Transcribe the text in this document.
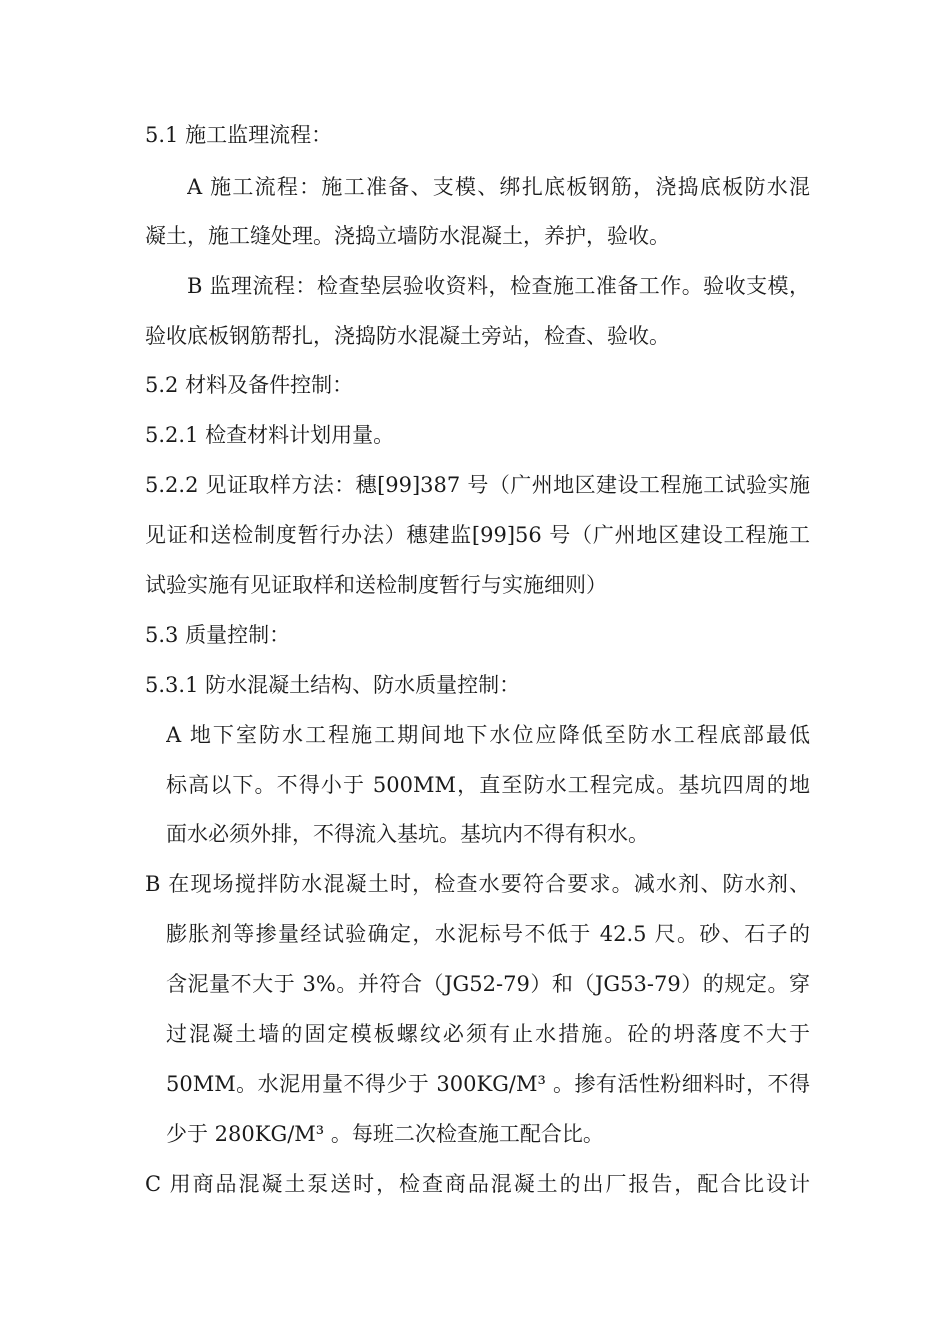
5.1 施工监理流程：
A 施工流程：施工准备、支模、绑扎底板钢筋，浇捣底板防水混
凝土，施工缝处理。浇捣立墙防水混凝土，养护，验收。
B 监理流程：检查垫层验收资料，检查施工准备工作。验收支模，
验收底板钢筋帮扎，浇捣防水混凝土旁站，检查、验收。
5.2 材料及备件控制：
5.2.1 检查材料计划用量。
5.2.2 见证取样方法：穗[99]387 号（广州地区建设工程施工试验实施
见证和送检制度暂行办法）穗建监[99]56 号（广州地区建设工程施工
试验实施有见证取样和送检制度暂行与实施细则）
5.3 质量控制：
5.3.1 防水混凝土结构、防水质量控制：
A 地下室防水工程施工期间地下水位应降低至防水工程底部最低
标高以下。不得小于 500MM，直至防水工程完成。基坑四周的地
面水必须外排，不得流入基坑。基坑内不得有积水。
B 在现场搅拌防水混凝土时，检查水要符合要求。减水剂、防水剂、
膨胀剂等掺量经试验确定，水泥标号不低于 42.5 尺。砂、石子的
含泥量不大于 3%。并符合（JG52-79）和（JG53-79）的规定。穿
过混凝土墙的固定模板螺纹必须有止水措施。砼的坍落度不大于
50MM。水泥用量不得少于 300KG/M³ 。掺有活性粉细料时，不得
少于 280KG/M³ 。每班二次检查施工配合比。
C 用商品混凝土泵送时，检查商品混凝土的出厂报告，配合比设计
